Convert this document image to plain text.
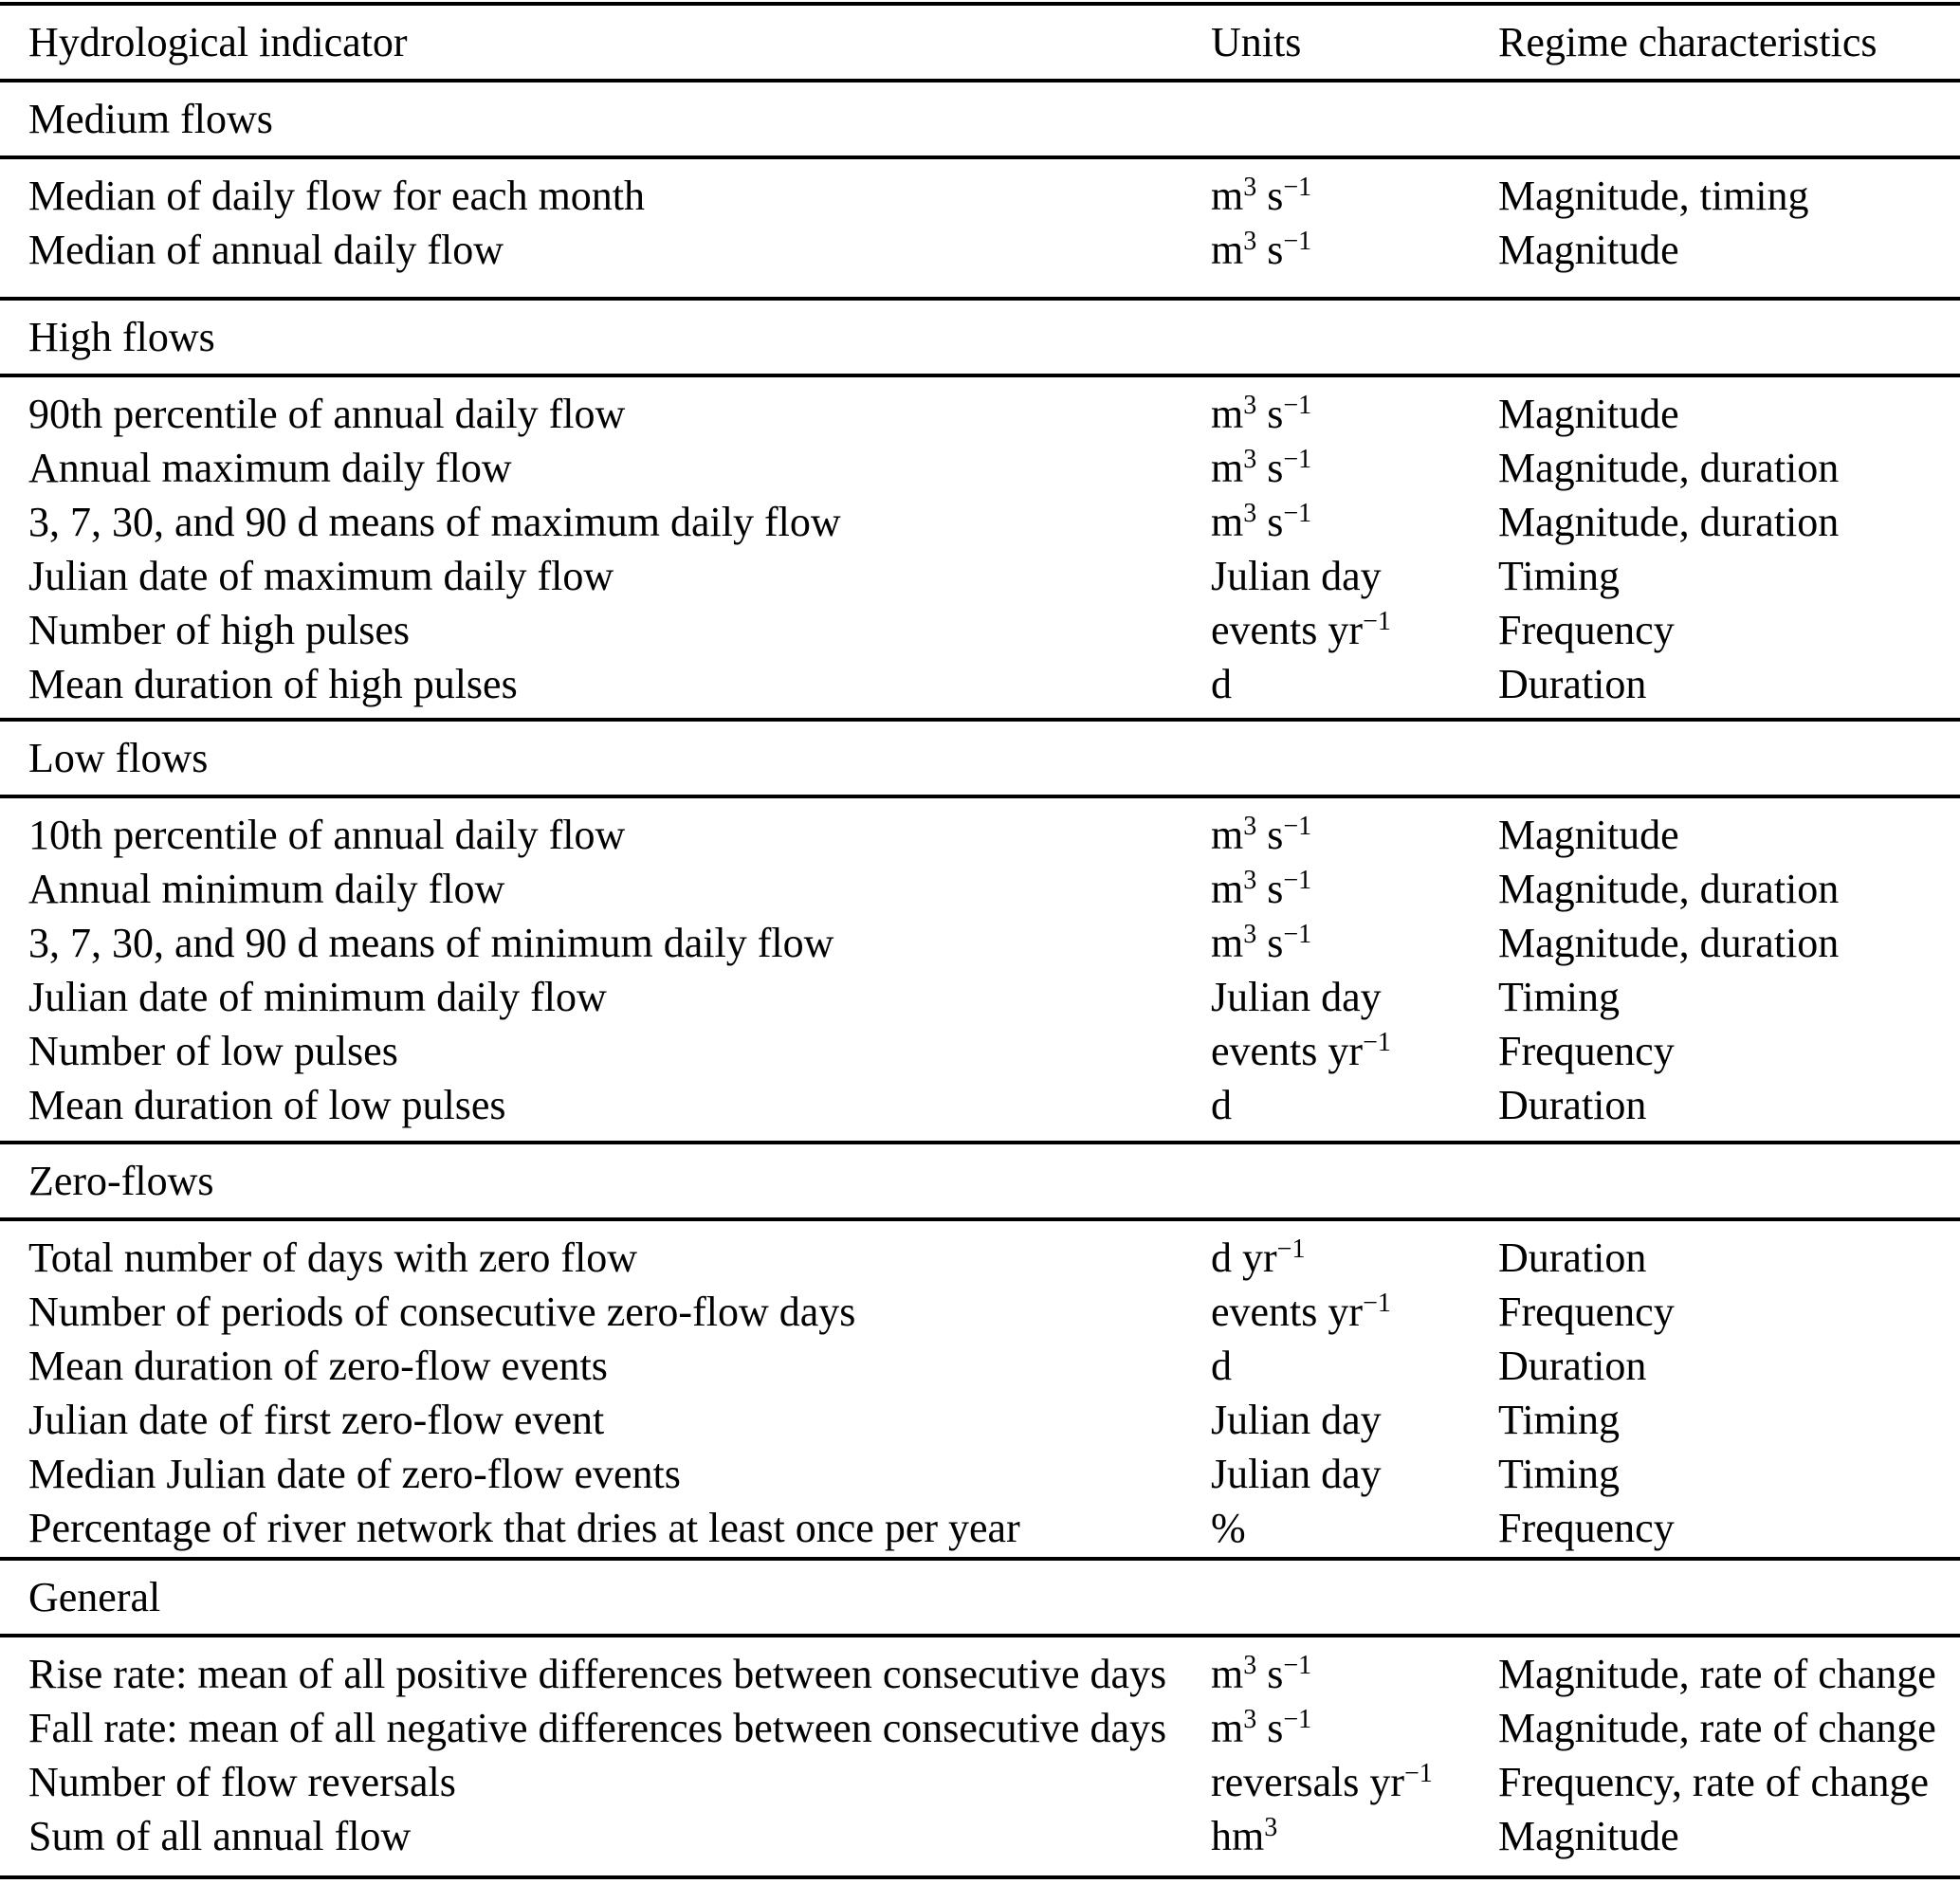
Hydrological indicator	Units	Regime characteristics
Medium flows
Median of daily flow for each month	$m^3$ $s^{-1}$	Magnitude, timing
Median of annual daily flow	$m^3$ $s^{-1}$	Magnitude
High flows
90th percentile of annual daily flow	$m^3$ $s^{-1}$	Magnitude
Annual maximum daily flow	$m^3$ $s^{-1}$	Magnitude, duration
3, 7, 30, and 90 d means of maximum daily flow	$m^3$ $s^{-1}$	Magnitude, duration
Julian date of maximum daily flow	Julian day	Timing
Number of high pulses	events $yr^{-1}$	Frequency
Mean duration of high pulses	d	Duration
Low flows
10th percentile of annual daily flow	$m^3$ $s^{-1}$	Magnitude
Annual minimum daily flow	$m^3$ $s^{-1}$	Magnitude, duration
3, 7, 30, and 90 d means of minimum daily flow	$m^3$ $s^{-1}$	Magnitude, duration
Julian date of minimum daily flow	Julian day	Timing
Number of low pulses	events $yr^{-1}$	Frequency
Mean duration of low pulses	d	Duration
Zero-flows
Total number of days with zero flow	d $yr^{-1}$	Duration
Number of periods of consecutive zero-flow days	events $yr^{-1}$	Frequency
Mean duration of zero-flow events	d	Duration
Julian date of first zero-flow event	Julian day	Timing
Median Julian date of zero-flow events	Julian day	Timing
Percentage of river network that dries at least once per year	%	Frequency
General
Rise rate: mean of all positive differences between consecutive days	$m^3$ $s^{-1}$	Magnitude, rate of change
Fall rate: mean of all negative differences between consecutive days	$m^3$ $s^{-1}$	Magnitude, rate of change
Number of flow reversals	reversals $yr^{-1}$	Frequency, rate of change
Sum of all annual flow	$hm^3$	Magnitude
